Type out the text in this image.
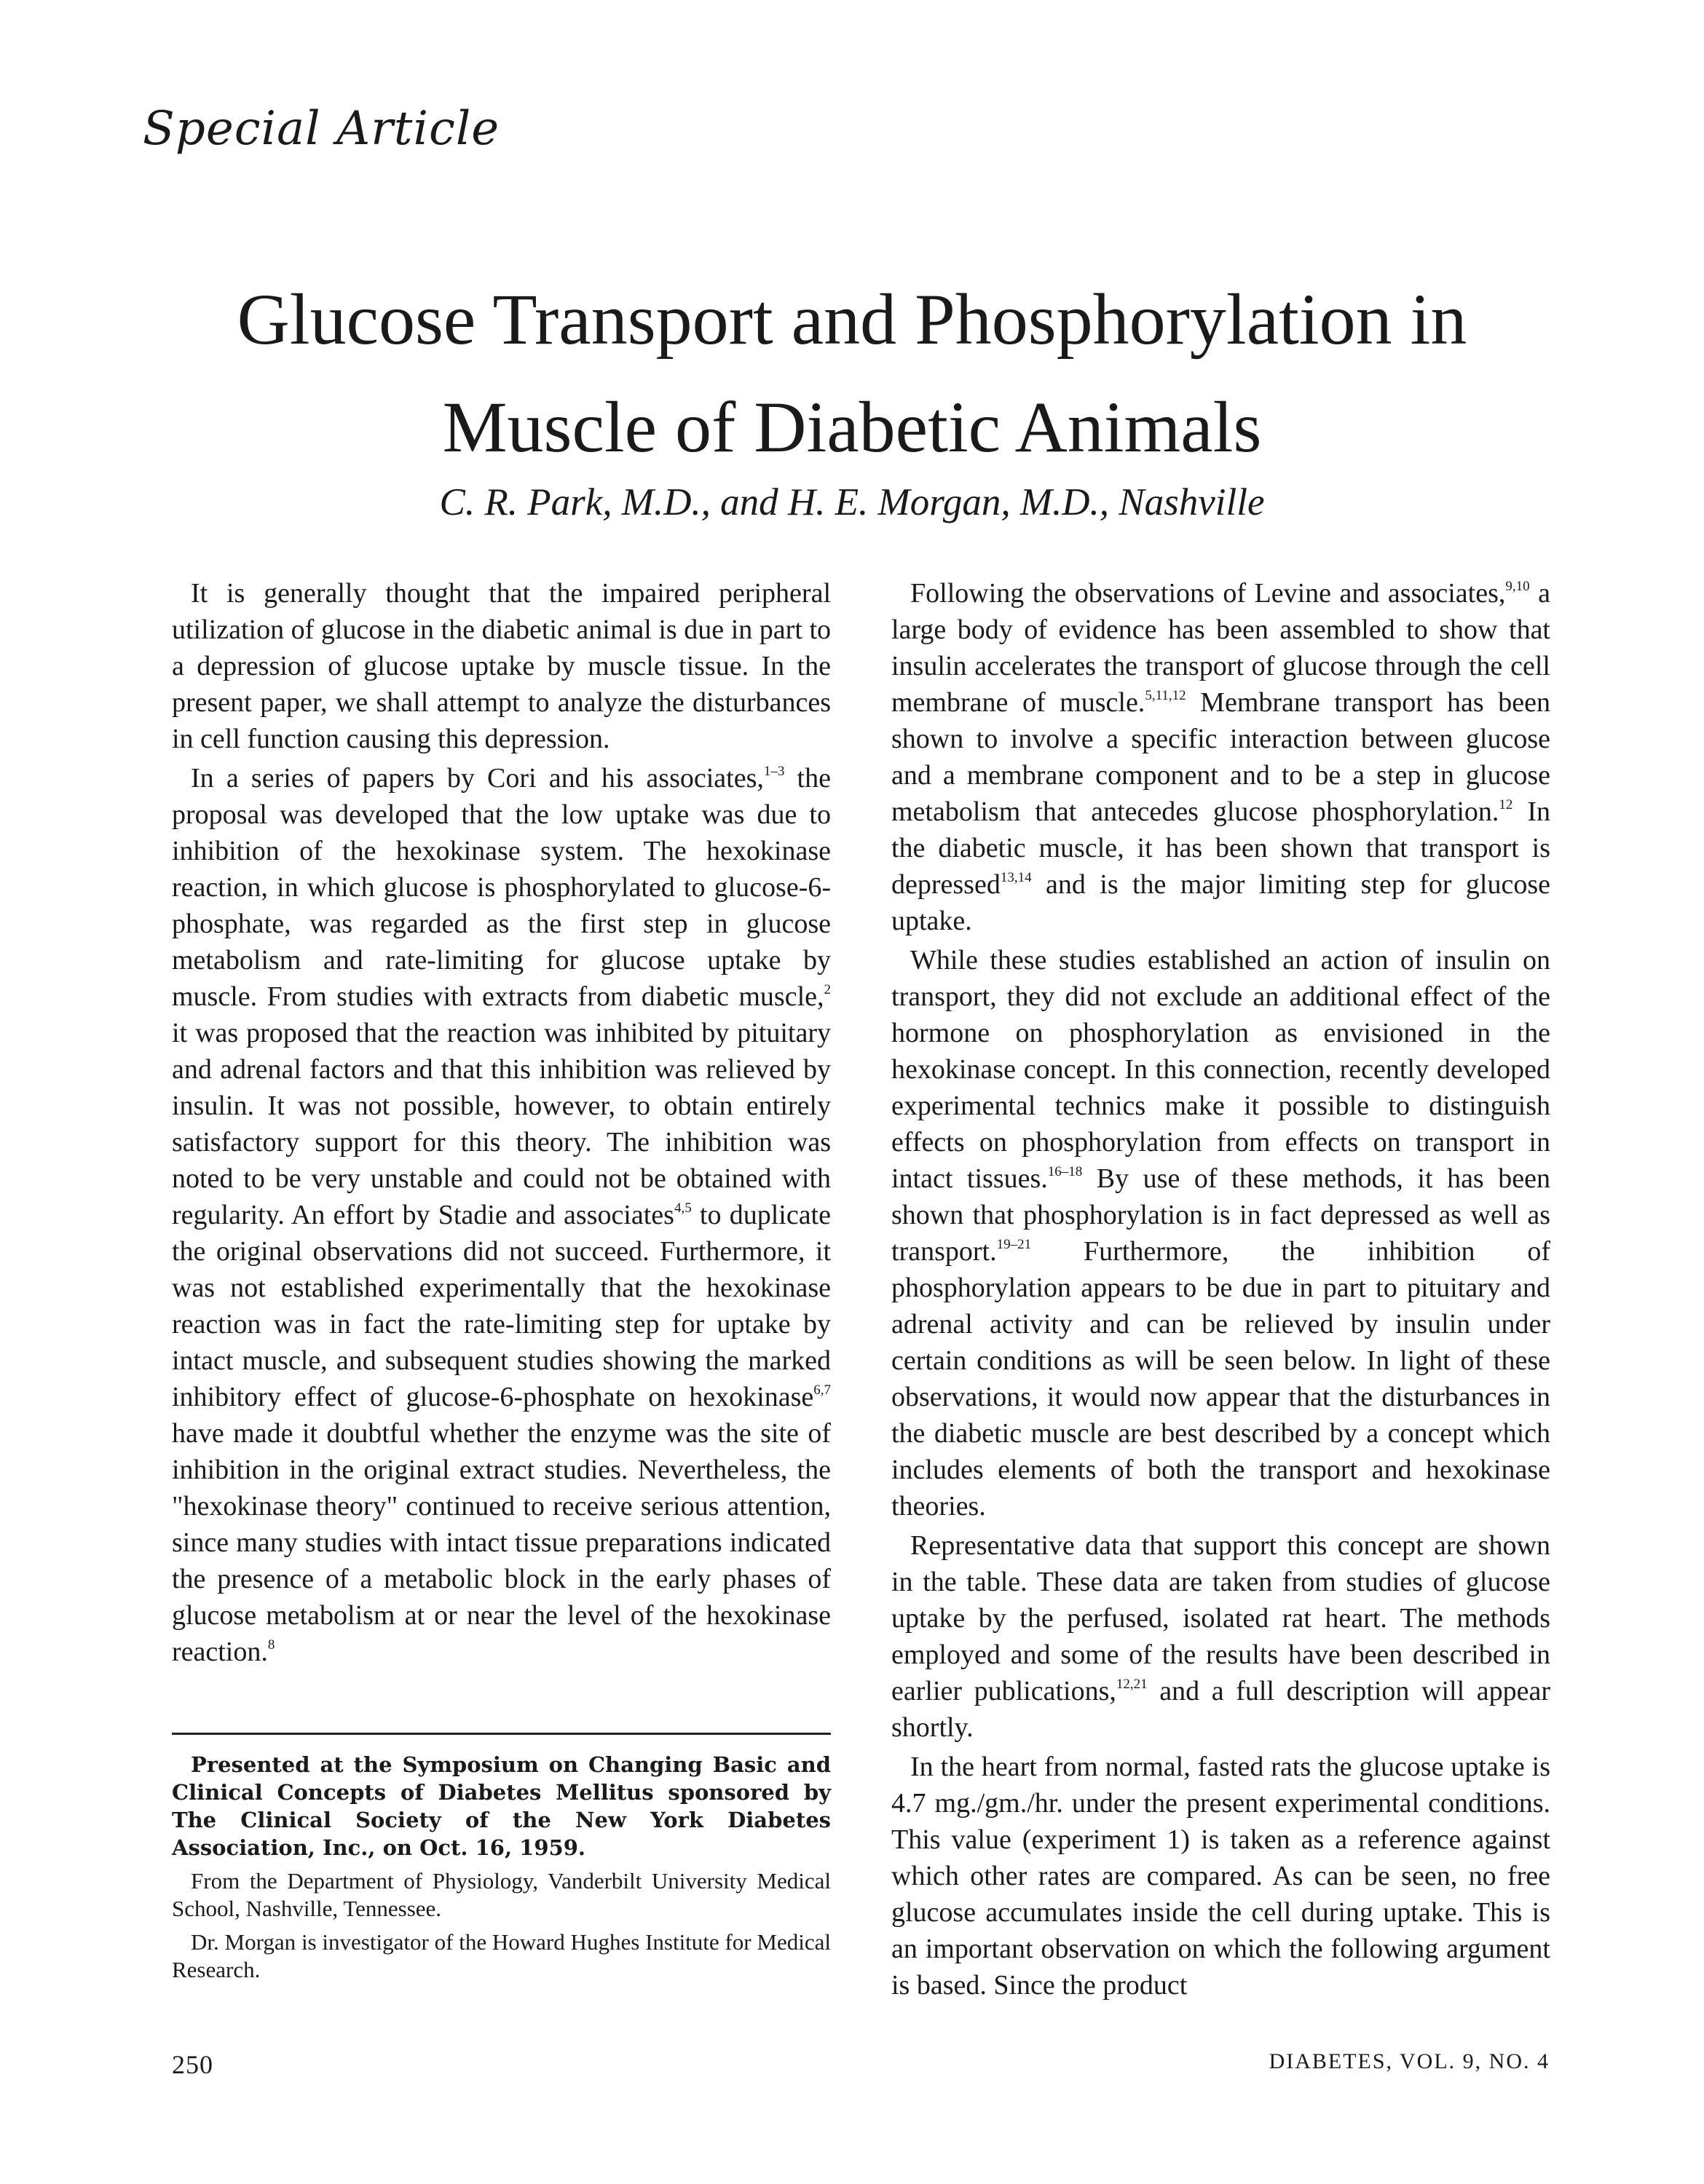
Special Article
Glucose Transport and Phosphorylation in Muscle of Diabetic Animals

C. R. Park, M.D., and H. E. Morgan, M.D., Nashville

It is generally thought that the impaired peripheral utilization of glucose in the diabetic animal is due in part to a depression of glucose uptake by muscle tissue. In the present paper, we shall attempt to analyze the disturbances in cell function causing this depression.

In a series of papers by Cori and his associates,$^{1-3}$ the proposal was developed that the low uptake was due to inhibition of the hexokinase system. The hexokinase reaction, in which glucose is phosphorylated to glucose-6-phosphate, was regarded as the first step in glucose metabolism and rate-limiting for glucose uptake by muscle. From studies with extracts from diabetic muscle,$^2$ it was proposed that the reaction was inhibited by pituitary and adrenal factors and that this inhibition was relieved by insulin. It was not possible, however, to obtain entirely satisfactory support for this theory. The inhibition was noted to be very unstable and could not be obtained with regularity. An effort by Stadie and associates$^{4,5}$ to duplicate the original observations did not succeed. Furthermore, it was not established experimentally that the hexokinase reaction was in fact the rate-limiting step for uptake by intact muscle, and subsequent studies showing the marked inhibitory effect of glucose-6-phosphate on hexokinase$^{6,7}$ have made it doubtful whether the enzyme was the site of inhibition in the original extract studies. Nevertheless, the "hexokinase theory" continued to receive serious attention, since many studies with intact tissue preparations indicated the presence of a metabolic block in the early phases of glucose metabolism at or near the level of the hexokinase reaction.$^8$

Presented at the Symposium on Changing Basic and Clinical Concepts of Diabetes Mellitus sponsored by The Clinical Society of the New York Diabetes Association, Inc., on Oct. 16, 1959.

From the Department of Physiology, Vanderbilt University Medical School, Nashville, Tennessee.

Dr. Morgan is investigator of the Howard Hughes Institute for Medical Research.

Following the observations of Levine and associates,$^{9,10}$ a large body of evidence has been assembled to show that insulin accelerates the transport of glucose through the cell membrane of muscle.$^{5,11,12}$ Membrane transport has been shown to involve a specific interaction between glucose and a membrane component and to be a step in glucose metabolism that antecedes glucose phosphorylation.$^{12}$ In the diabetic muscle, it has been shown that transport is depressed$^{13,14}$ and is the major limiting step for glucose uptake.

While these studies established an action of insulin on transport, they did not exclude an additional effect of the hormone on phosphorylation as envisioned in the hexokinase concept. In this connection, recently developed experimental technics make it possible to distinguish effects on phosphorylation from effects on transport in intact tissues.$^{16-18}$ By use of these methods, it has been shown that phosphorylation is in fact depressed as well as transport.$^{19-21}$ Furthermore, the inhibition of phosphorylation appears to be due in part to pituitary and adrenal activity and can be relieved by insulin under certain conditions as will be seen below. In light of these observations, it would now appear that the disturbances in the diabetic muscle are best described by a concept which includes elements of both the transport and hexokinase theories.

Representative data that support this concept are shown in the table. These data are taken from studies of glucose uptake by the perfused, isolated rat heart. The methods employed and some of the results have been described in earlier publications,$^{12,21}$ and a full description will appear shortly.

In the heart from normal, fasted rats the glucose uptake is 4.7 mg./gm./hr. under the present experimental conditions. This value (experiment 1) is taken as a reference against which other rates are compared. As can be seen, no free glucose accumulates inside the cell during uptake. This is an important observation on which the following argument is based. Since the product

250	DIABETES, VOL. 9, NO. 4
